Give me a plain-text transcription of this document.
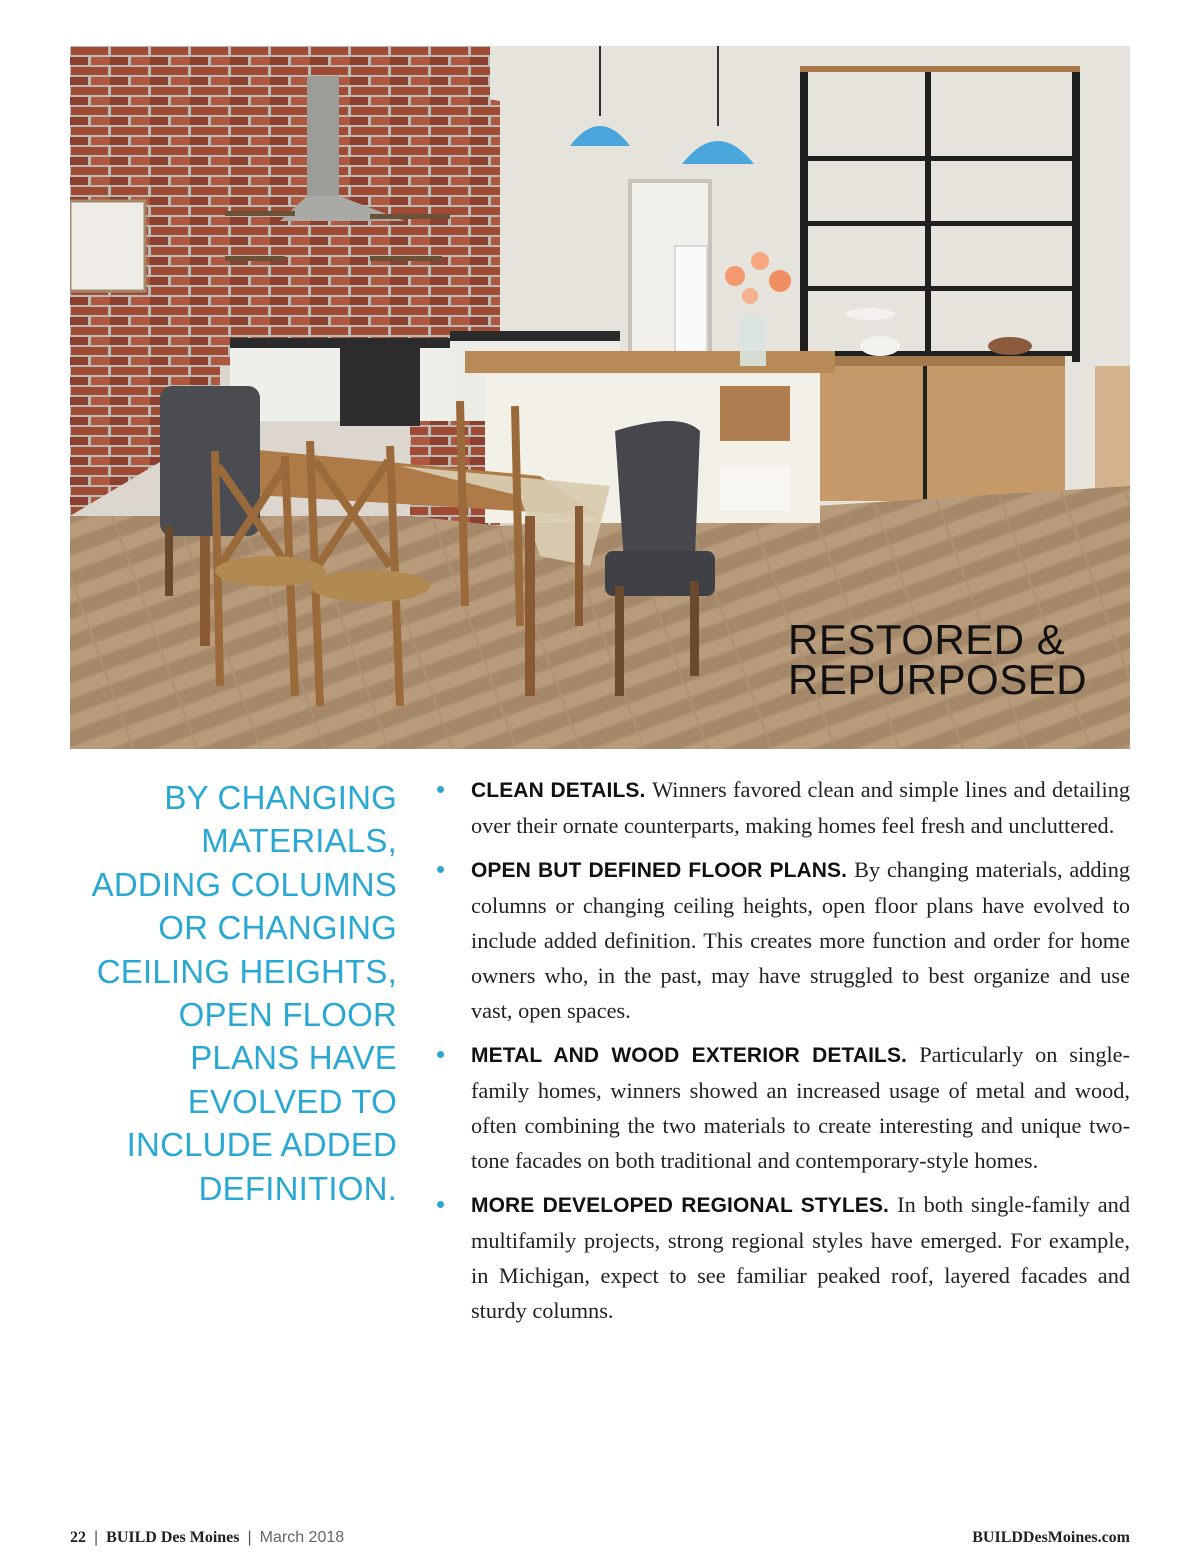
RESTORED &
REPURPOSED
BY CHANGING
MATERIALS,
ADDING COLUMNS
OR CHANGING
CEILING HEIGHTS,
OPEN FLOOR
PLANS HAVE
EVOLVED TO
INCLUDE ADDED
DEFINITION.
• CLEAN DETAILS. Winners favored clean and simple lines and detailing over their ornate counterparts, making homes feel fresh and uncluttered.
• OPEN BUT DEFINED FLOOR PLANS. By changing materials, adding columns or changing ceiling heights, open floor plans have evolved to include added definition. This creates more function and order for home owners who, in the past, may have struggled to best organize and use vast, open spaces.
• METAL AND WOOD EXTERIOR DETAILS. Particularly on single-family homes, winners showed an increased usage of metal and wood, often combining the two materials to create interesting and unique two-tone facades on both traditional and contemporary-style homes.
• MORE DEVELOPED REGIONAL STYLES. In both single-family and multifamily projects, strong regional styles have emerged. For example, in Michigan, expect to see familiar peaked roof, layered facades and sturdy columns.
22 | BUILD Des Moines | March 2018	BUILDDesMoines.com
